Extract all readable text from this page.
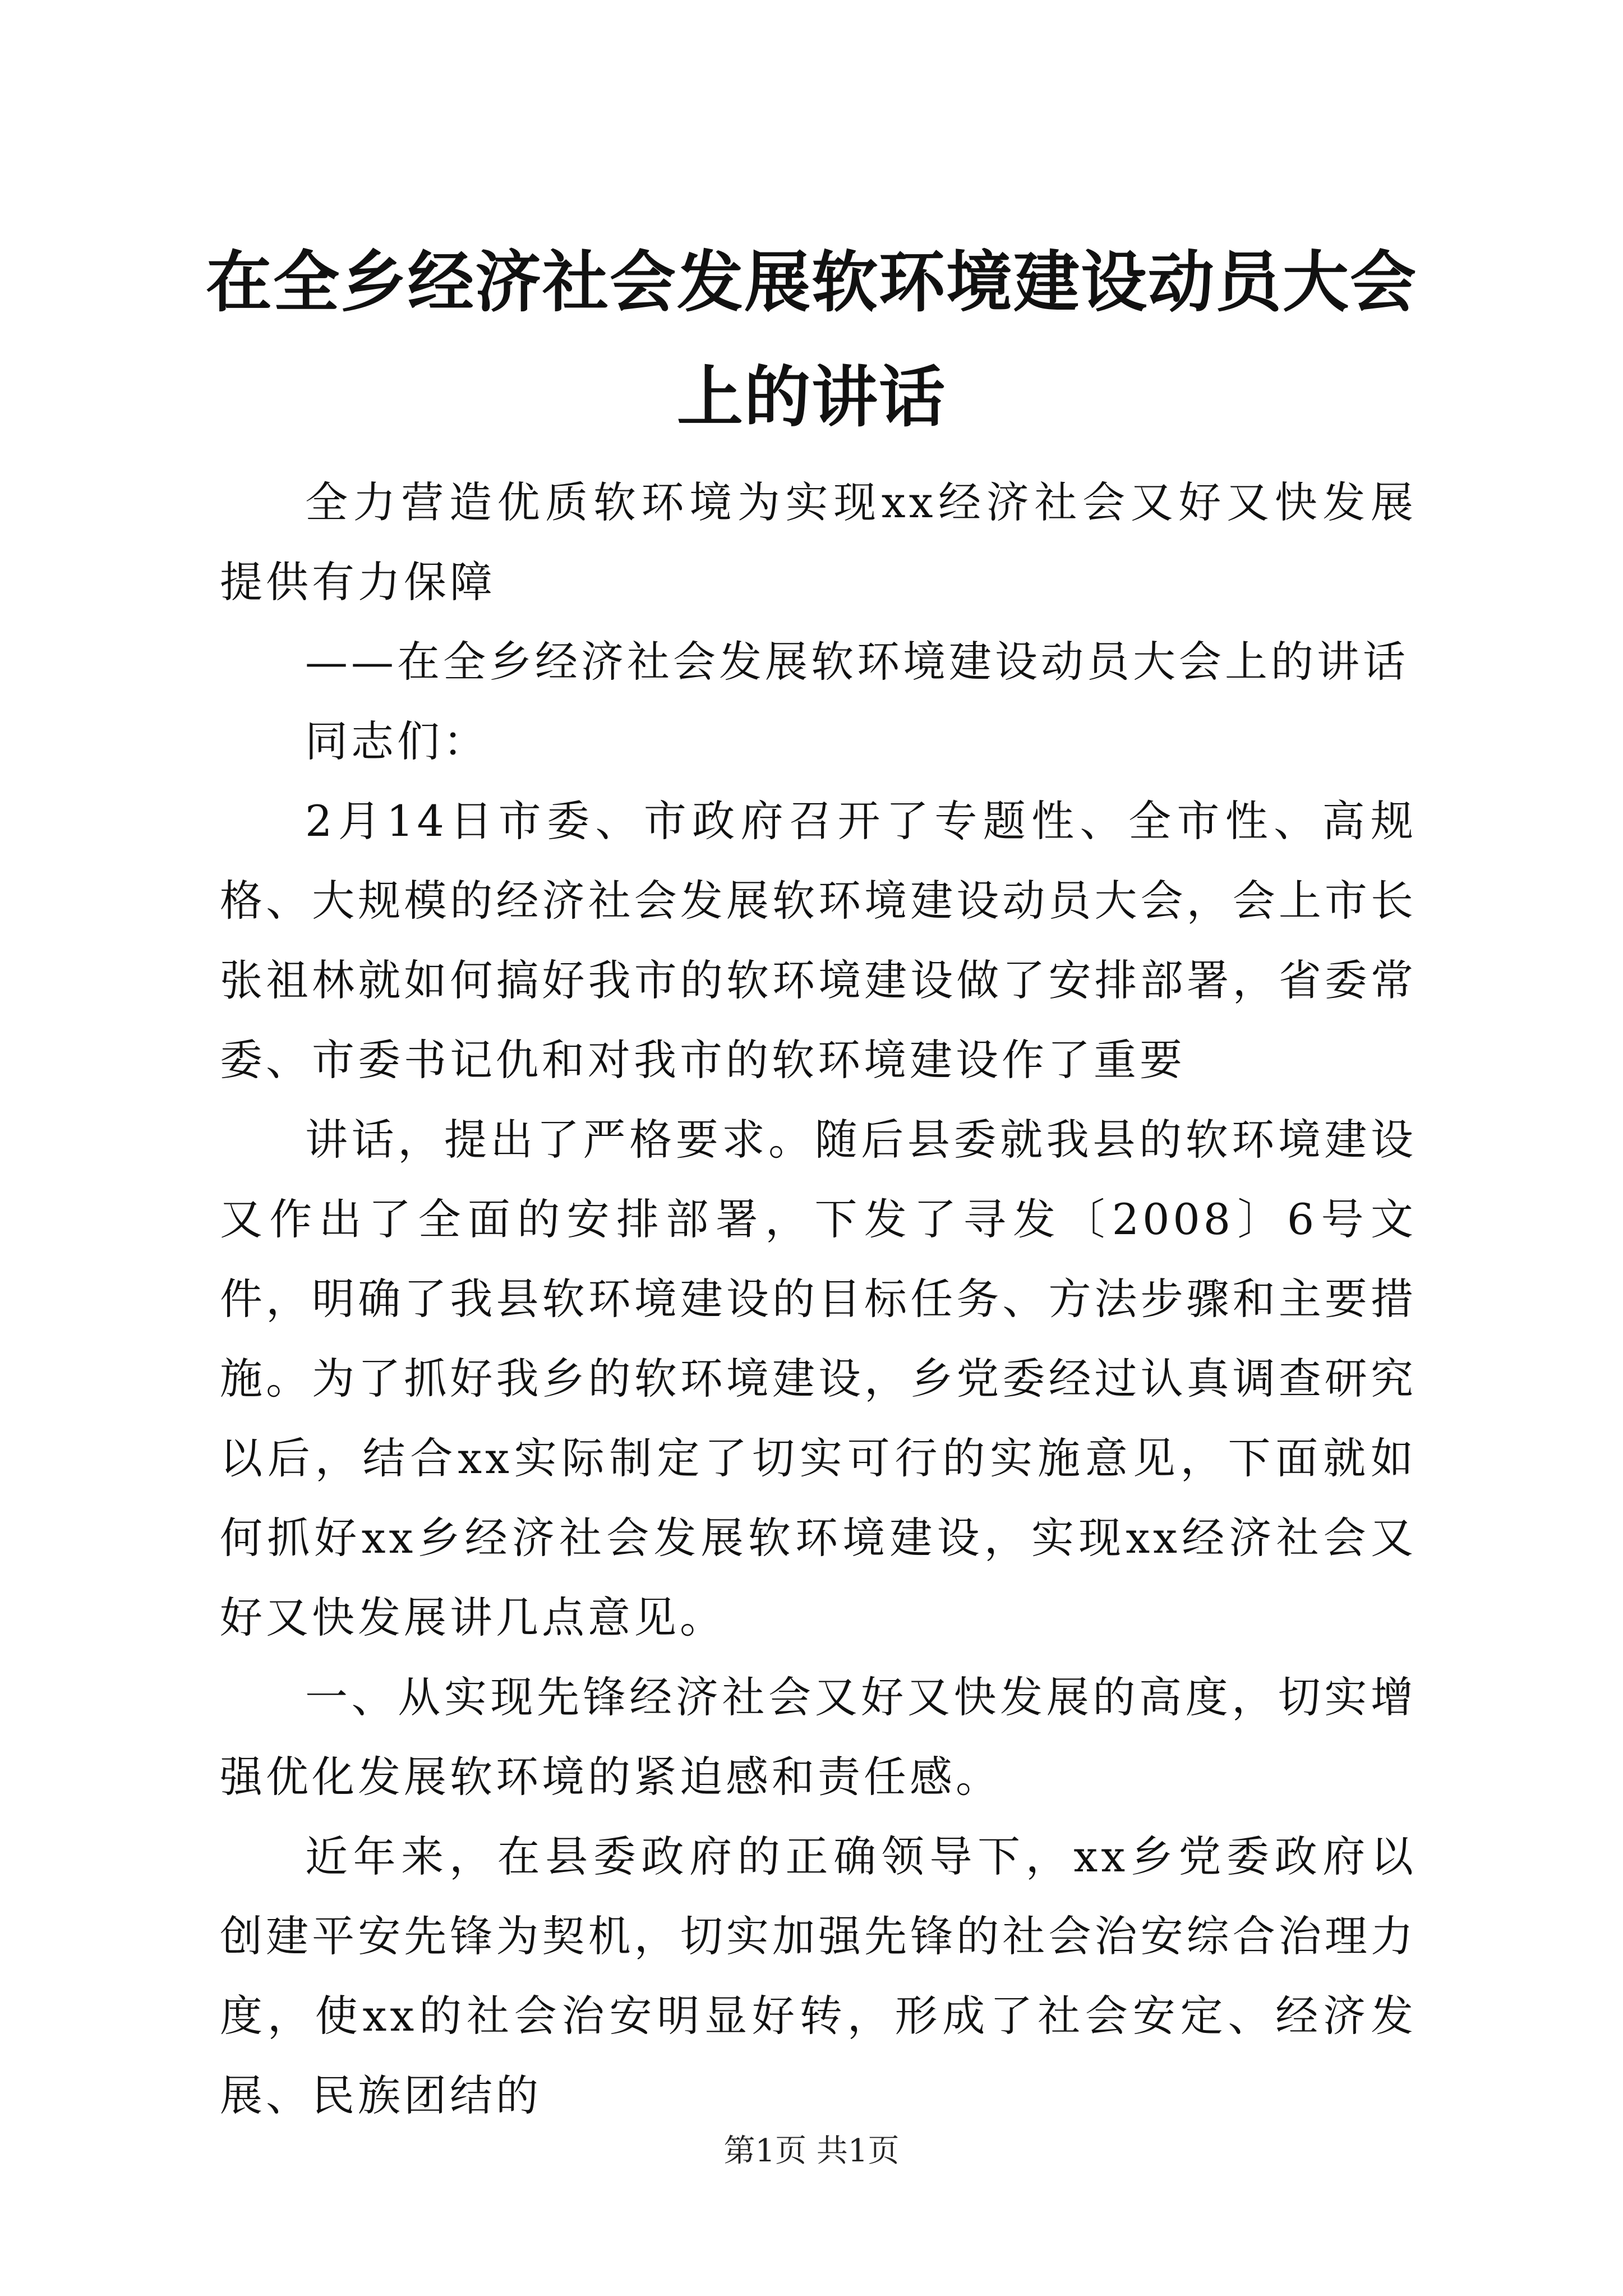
在全乡经济社会发展软环境建设动员大会上的讲话

全力营造优质软环境为实现xx经济社会又好又快发展提供有力保障

——在全乡经济社会发展软环境建设动员大会上的讲话

同志们：

2月14日市委、市政府召开了专题性、全市性、高规格、大规模的经济社会发展软环境建设动员大会，会上市长张祖林就如何搞好我市的软环境建设做了安排部署，省委常委、市委书记仇和对我市的软环境建设作了重要

讲话，提出了严格要求。随后县委就我县的软环境建设又作出了全面的安排部署，下发了寻发〔2008〕6号文件，明确了我县软环境建设的目标任务、方法步骤和主要措施。为了抓好我乡的软环境建设，乡党委经过认真调查研究以后，结合xx实际制定了切实可行的实施意见，下面就如何抓好xx乡经济社会发展软环境建设，实现xx经济社会又好又快发展讲几点意见。

一、从实现先锋经济社会又好又快发展的高度，切实增强优化发展软环境的紧迫感和责任感。

近年来，在县委政府的正确领导下，xx乡党委政府以创建平安先锋为契机，切实加强先锋的社会治安综合治理力度，使xx的社会治安明显好转，形成了社会安定、经济发展、民族团结的

第1页 共1页
